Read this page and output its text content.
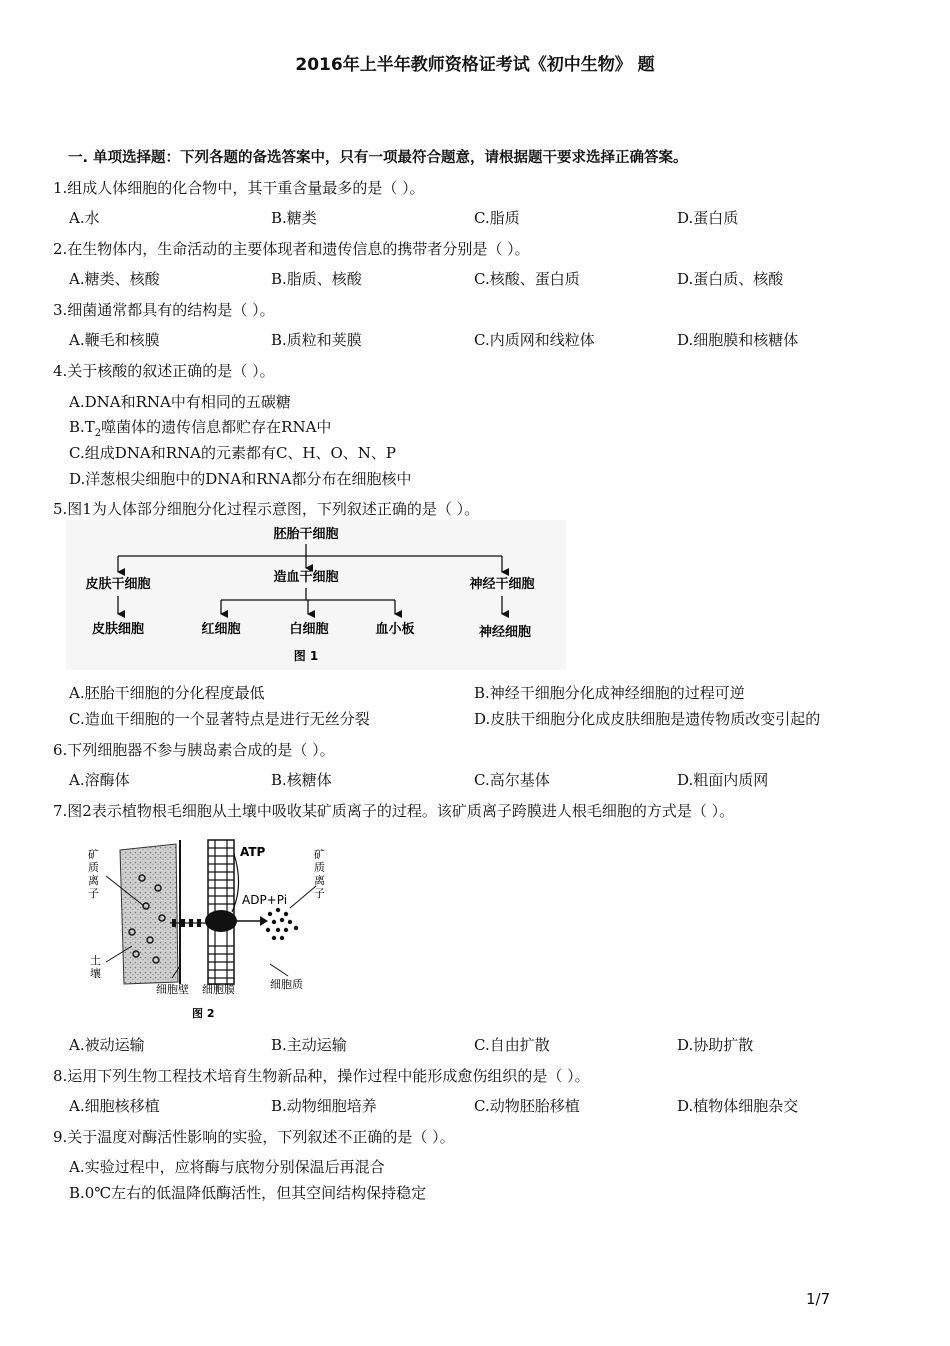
2016年上半年教师资格证考试《初中生物》 题
一. 单项选择题：下列各题的备选答案中，只有一项最符合题意，请根据题干要求选择正确答案。
1.组成人体细胞的化合物中，其干重含量最多的是（ ）。
A.水	B.糖类	C.脂质	D.蛋白质
2.在生物体内，生命活动的主要体现者和遗传信息的携带者分别是（ ）。
A.糖类、核酸	B.脂质、核酸	C.核酸、蛋白质	D.蛋白质、核酸
3.细菌通常都具有的结构是（ ）。
A.鞭毛和核膜	B.质粒和荚膜	C.内质网和线粒体	D.细胞膜和核糖体
4.关于核酸的叙述正确的是（ ）。
A.DNA和RNA中有相同的五碳糖
$B.T_2$噬菌体的遗传信息都贮存在RNA中
C.组成DNA和RNA的元素都有C、H、O、N、P
D.洋葱根尖细胞中的DNA和RNA都分布在细胞核中
5.图1为人体部分细胞分化过程示意图，下列叙述正确的是（ ）。
胚胎干细胞
皮肤干细胞	造血干细胞	神经干细胞
皮肤细胞	红细胞	白细胞	血小板	神经细胞
图 1
A.胚胎干细胞的分化程度最低	B.神经干细胞分化成神经细胞的过程可逆
C.造血干细胞的一个显著特点是进行无丝分裂	D.皮肤干细胞分化成皮肤细胞是遗传物质改变引起的
6.下列细胞器不参与胰岛素合成的是（ ）。
A.溶酶体	B.核糖体	C.高尔基体	D.粗面内质网
7.图2表示植物根毛细胞从土壤中吸收某矿质离子的过程。该矿质离子跨膜进人根毛细胞的方式是（ ）。
ATP
ADP+Pi
矿
质
离
子
矿
质
离
子
土
壤
细胞壁 细胞膜	细胞质
图 2
A.被动运输	B.主动运输	C.自由扩散	D.协助扩散
8.运用下列生物工程技术培育生物新品种，操作过程中能形成愈伤组织的是（ ）。
A.细胞核移植	B.动物细胞培养	C.动物胚胎移植	D.植物体细胞杂交
9.关于温度对酶活性影响的实验，下列叙述不正确的是（ ）。
A.实验过程中，应将酶与底物分别保温后再混合
B.0℃左右的低温降低酶活性，但其空间结构保持稳定
1/7
